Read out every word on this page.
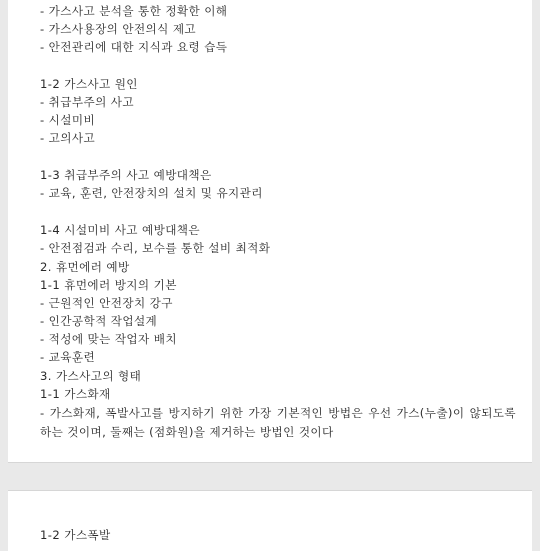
- 가스사고 분석을 통한 정확한 이해
- 가스사용장의 안전의식 제고
- 안전관리에 대한 지식과 요령 습득
1-2 가스사고 원인
- 취급부주의 사고
- 시설미비
- 고의사고
1-3 취급부주의 사고 예방대책은
- 교육, 훈련, 안전장치의 설치 및 유지관리
1-4 시설미비 사고 예방대책은
- 안전점검과 수리, 보수를 통한 설비 최적화
2. 휴먼에러 예방
1-1 휴먼에러 방지의 기본
- 근원적인 안전장치 강구
- 인간공학적 작업설계
- 적성에 맞는 작업자 배치
- 교육훈련
3. 가스사고의 형태
1-1 가스화재
- 가스화재, 폭발사고를 방지하기 위한 가장 기본적인 방법은 우선 가스(누출)이 않되도록 하는 것이며, 둘째는 (점화원)을 제거하는 방법인 것이다
1-2 가스폭발
